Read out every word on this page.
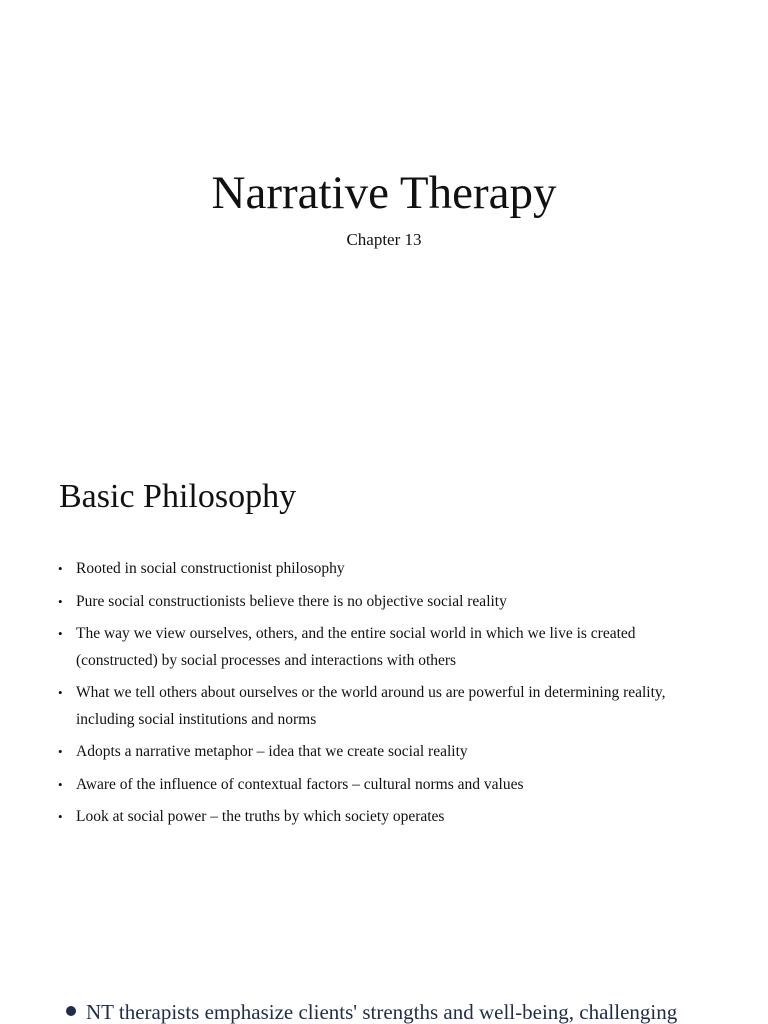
Narrative Therapy

Chapter 13

Basic Philosophy
• Rooted in social constructionist philosophy
• Pure social constructionists believe there is no objective social reality
• The way we view ourselves, others, and the entire social world in which we live is created (constructed) by social processes and interactions with others
• What we tell others about ourselves or the world around us are powerful in determining reality, including social institutions and norms
• Adopts a narrative metaphor – idea that we create social reality
• Aware of the influence of contextual factors – cultural norms and values
• Look at social power – the truths by which society operates
NT therapists emphasize clients' strengths and well-being, challenging
